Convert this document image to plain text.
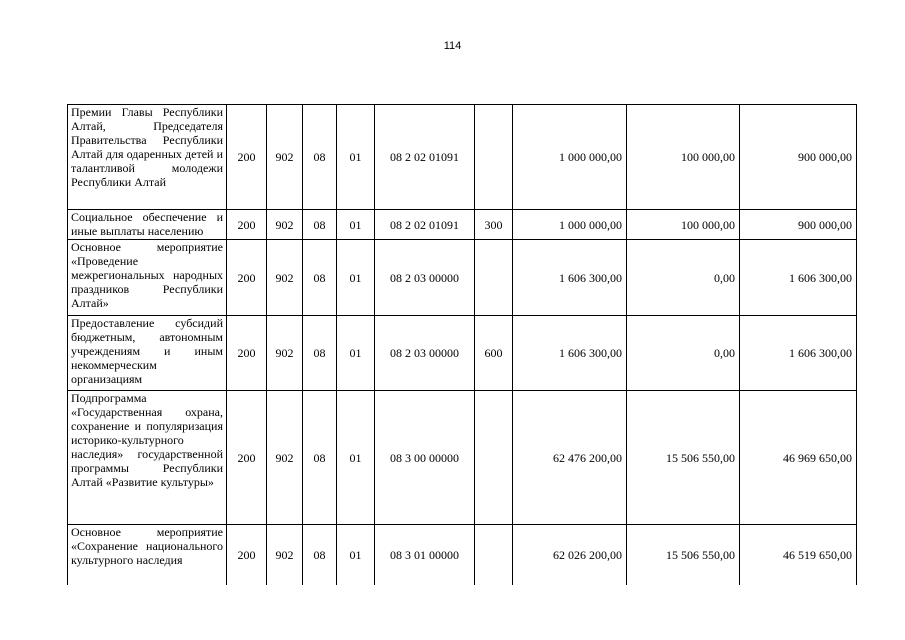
114
Премии Главы Республики Алтай, Председателя Правительства Республики Алтай для одаренных детей и талантливой молодежи Республики Алтай	200	902	08	01	08 2 02 01091		1 000 000,00	100 000,00	900 000,00
Социальное обеспечение и иные выплаты населению	200	902	08	01	08 2 02 01091	300	1 000 000,00	100 000,00	900 000,00
Основное мероприятие «Проведение межрегиональных народных праздников Республики Алтай»	200	902	08	01	08 2 03 00000		1 606 300,00	0,00	1 606 300,00
Предоставление субсидий бюджетным, автономным учреждениям и иным некоммерческим организациям	200	902	08	01	08 2 03 00000	600	1 606 300,00	0,00	1 606 300,00
Подпрограмма «Государственная охрана, сохранение и популяризация историко-культурного наследия» государственной программы Республики Алтай «Развитие культуры»	200	902	08	01	08 3 00 00000		62 476 200,00	15 506 550,00	46 969 650,00
Основное мероприятие «Сохранение национального культурного наследия	200	902	08	01	08 3 01 00000		62 026 200,00	15 506 550,00	46 519 650,00
